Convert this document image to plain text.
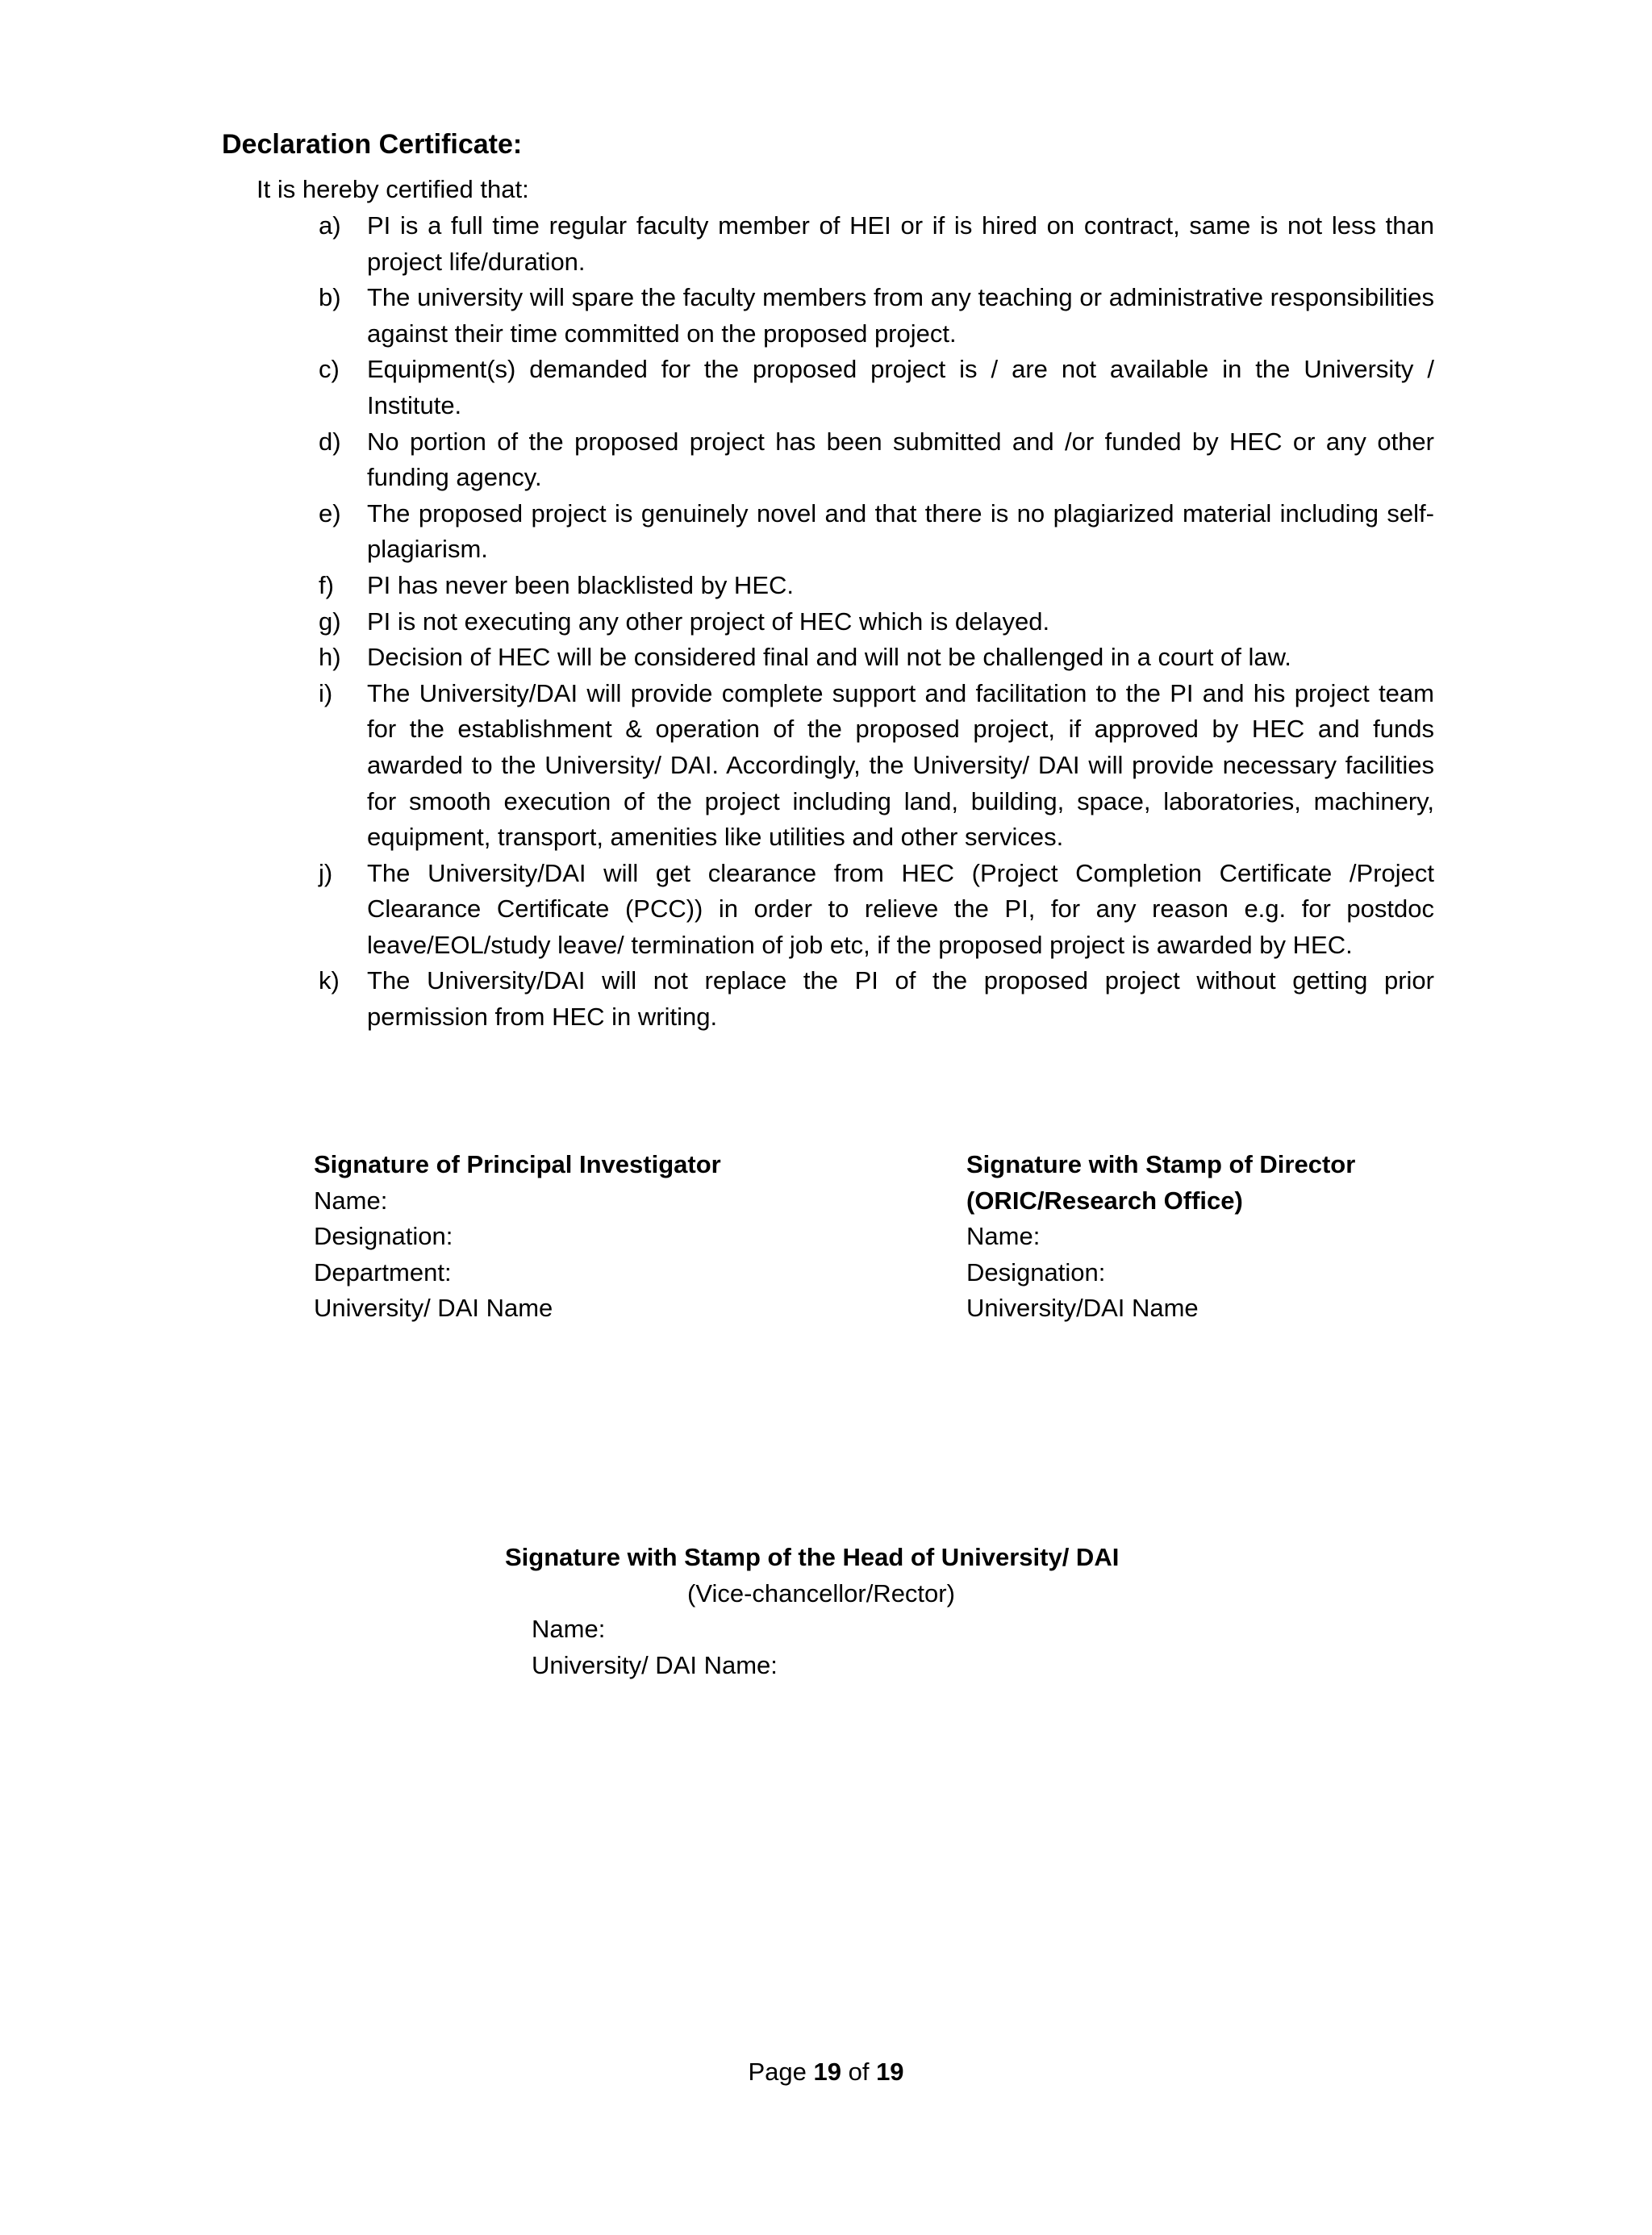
Declaration Certificate:
It is hereby certified that:
a) PI is a full time regular faculty member of HEI or if is hired on contract, same is not less than project life/duration.
b) The university will spare the faculty members from any teaching or administrative responsibilities against their time committed on the proposed project.
c) Equipment(s) demanded for the proposed project is / are not available in the University / Institute.
d) No portion of the proposed project has been submitted and /or funded by HEC or any other funding agency.
e) The proposed project is genuinely novel and that there is no plagiarized material including self-plagiarism.
f) PI has never been blacklisted by HEC.
g) PI is not executing any other project of HEC which is delayed.
h) Decision of HEC will be considered final and will not be challenged in a court of law.
i) The University/DAI will provide complete support and facilitation to the PI and his project team for the establishment & operation of the proposed project, if approved by HEC and funds awarded to the University/ DAI. Accordingly, the University/ DAI will provide necessary facilities for smooth execution of the project including land, building, space, laboratories, machinery, equipment, transport, amenities like utilities and other services.
j) The University/DAI will get clearance from HEC (Project Completion Certificate /Project Clearance Certificate (PCC)) in order to relieve the PI, for any reason e.g. for postdoc leave/EOL/study leave/ termination of job etc, if the proposed project is awarded by HEC.
k) The University/DAI will not replace the PI of the proposed project without getting prior permission from HEC in writing.
Signature of Principal Investigator
Name:
Designation:
Department:
University/ DAI Name
Signature with Stamp of Director
(ORIC/Research Office)
Name:
Designation:
University/DAI Name
Signature with Stamp of the Head of University/ DAI
(Vice-chancellor/Rector)
Name:
University/ DAI Name:
Page 19 of 19
